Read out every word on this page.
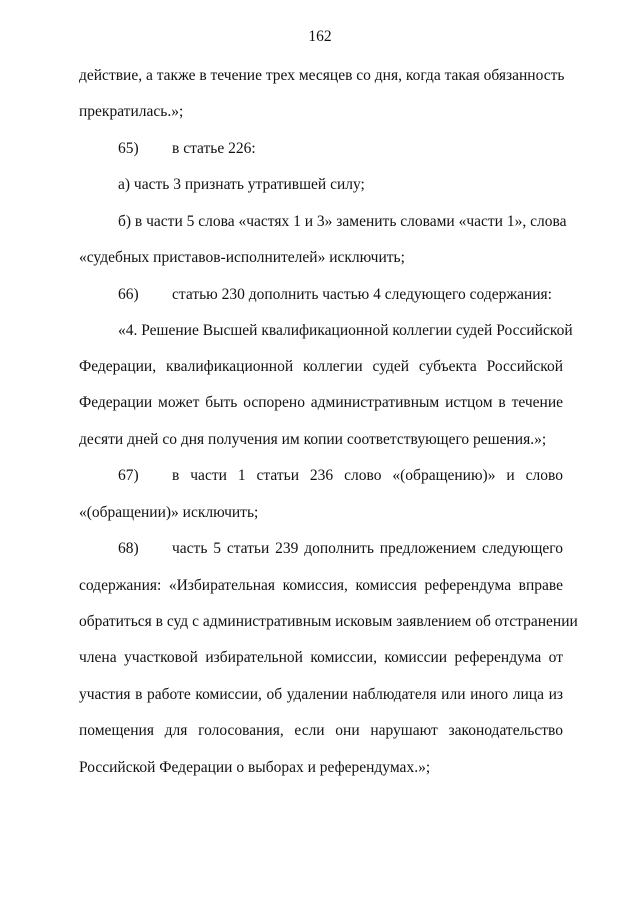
162
действие, а также в течение трех месяцев со дня, когда такая обязанность
прекратилась.»;
65) в статье 226:
а) часть 3 признать утратившей силу;
б) в части 5 слова «частях 1 и 3» заменить словами «части 1», слова
«судебных приставов-исполнителей» исключить;
66) статью 230 дополнить частью 4 следующего содержания:
«4. Решение Высшей квалификационной коллегии судей Российской
Федерации, квалификационной коллегии судей субъекта Российской
Федерации может быть оспорено административным истцом в течение
десяти дней со дня получения им копии соответствующего решения.»;
67) в части 1 статьи 236 слово «(обращению)» и слово
«(обращении)» исключить;
68) часть 5 статьи 239 дополнить предложением следующего
содержания: «Избирательная комиссия, комиссия референдума вправе
обратиться в суд с административным исковым заявлением об отстранении
члена участковой избирательной комиссии, комиссии референдума от
участия в работе комиссии, об удалении наблюдателя или иного лица из
помещения для голосования, если они нарушают законодательство
Российской Федерации о выборах и референдумах.»;
